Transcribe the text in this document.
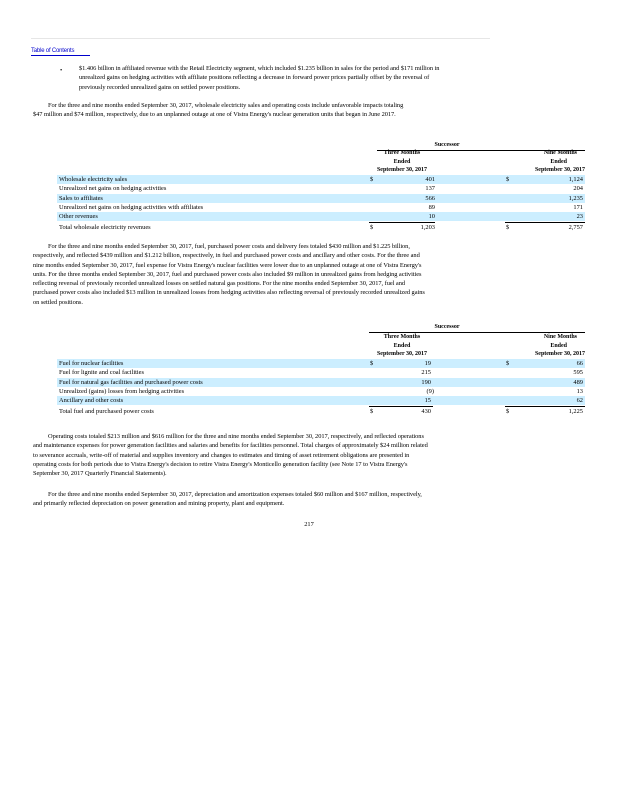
Table of Contents
•	$1.406 billion in affiliated revenue with the Retail Electricity segment, which included $1.235 billion in sales for the period and $171 million in
unrealized gains on hedging activities with affiliate positions reflecting a decrease in forward power prices partially offset by the reversal of
previously recorded unrealized gains on settled power positions.
For the three and nine months ended September 30, 2017, wholesale electricity sales and operating costs include unfavorable impacts totaling
$47 million and $74 million, respectively, due to an unplanned outage at one of Vistra Energy's nuclear generation units that began in June 2017.
Successor
Three Months
Ended
September 30, 2017
Nine Months
Ended
September 30, 2017
Wholesale electricity sales	$	401	$	1,124
Unrealized net gains on hedging activities	137	204
Sales to affiliates	566	1,235
Unrealized net gains on hedging activities with affiliates	89	171
Other revenues	10	23
Total wholesale electricity revenues	$	1,203	$	2,757
For the three and nine months ended September 30, 2017, fuel, purchased power costs and delivery fees totaled $430 million and $1.225 billion,
respectively, and reflected $439 million and $1.212 billion, respectively, in fuel and purchased power costs and ancillary and other costs. For the three and
nine months ended September 30, 2017, fuel expense for Vistra Energy's nuclear facilities were lower due to an unplanned outage at one of Vistra Energy's
units. For the three months ended September 30, 2017, fuel and purchased power costs also included $9 million in unrealized gains from hedging activities
reflecting reversal of previously recorded unrealized losses on settled natural gas positions. For the nine months ended September 30, 2017, fuel and
purchased power costs also included $13 million in unrealized losses from hedging activities also reflecting reversal of previously recorded unrealized gains
on settled positions.
Successor
Three Months
Ended
September 30, 2017
Nine Months
Ended
September 30, 2017
Fuel for nuclear facilities	$	19	$	66
Fuel for lignite and coal facilities	215	595
Fuel for natural gas facilities and purchased power costs	190	489
Unrealized (gains) losses from hedging activities	(9)	13
Ancillary and other costs	15	62
Total fuel and purchased power costs	$	430	$	1,225
Operating costs totaled $213 million and $616 million for the three and nine months ended September 30, 2017, respectively, and reflected operations
and maintenance expenses for power generation facilities and salaries and benefits for facilities personnel. Total charges of approximately $24 million related
to severance accruals, write-off of material and supplies inventory and changes to estimates and timing of asset retirement obligations are presented in
operating costs for both periods due to Vistra Energy's decision to retire Vistra Energy's Monticello generation facility (see Note 17 to Vistra Energy's
September 30, 2017 Quarterly Financial Statements).
For the three and nine months ended September 30, 2017, depreciation and amortization expenses totaled $60 million and $167 million, respectively,
and primarily reflected depreciation on power generation and mining property, plant and equipment.
217
